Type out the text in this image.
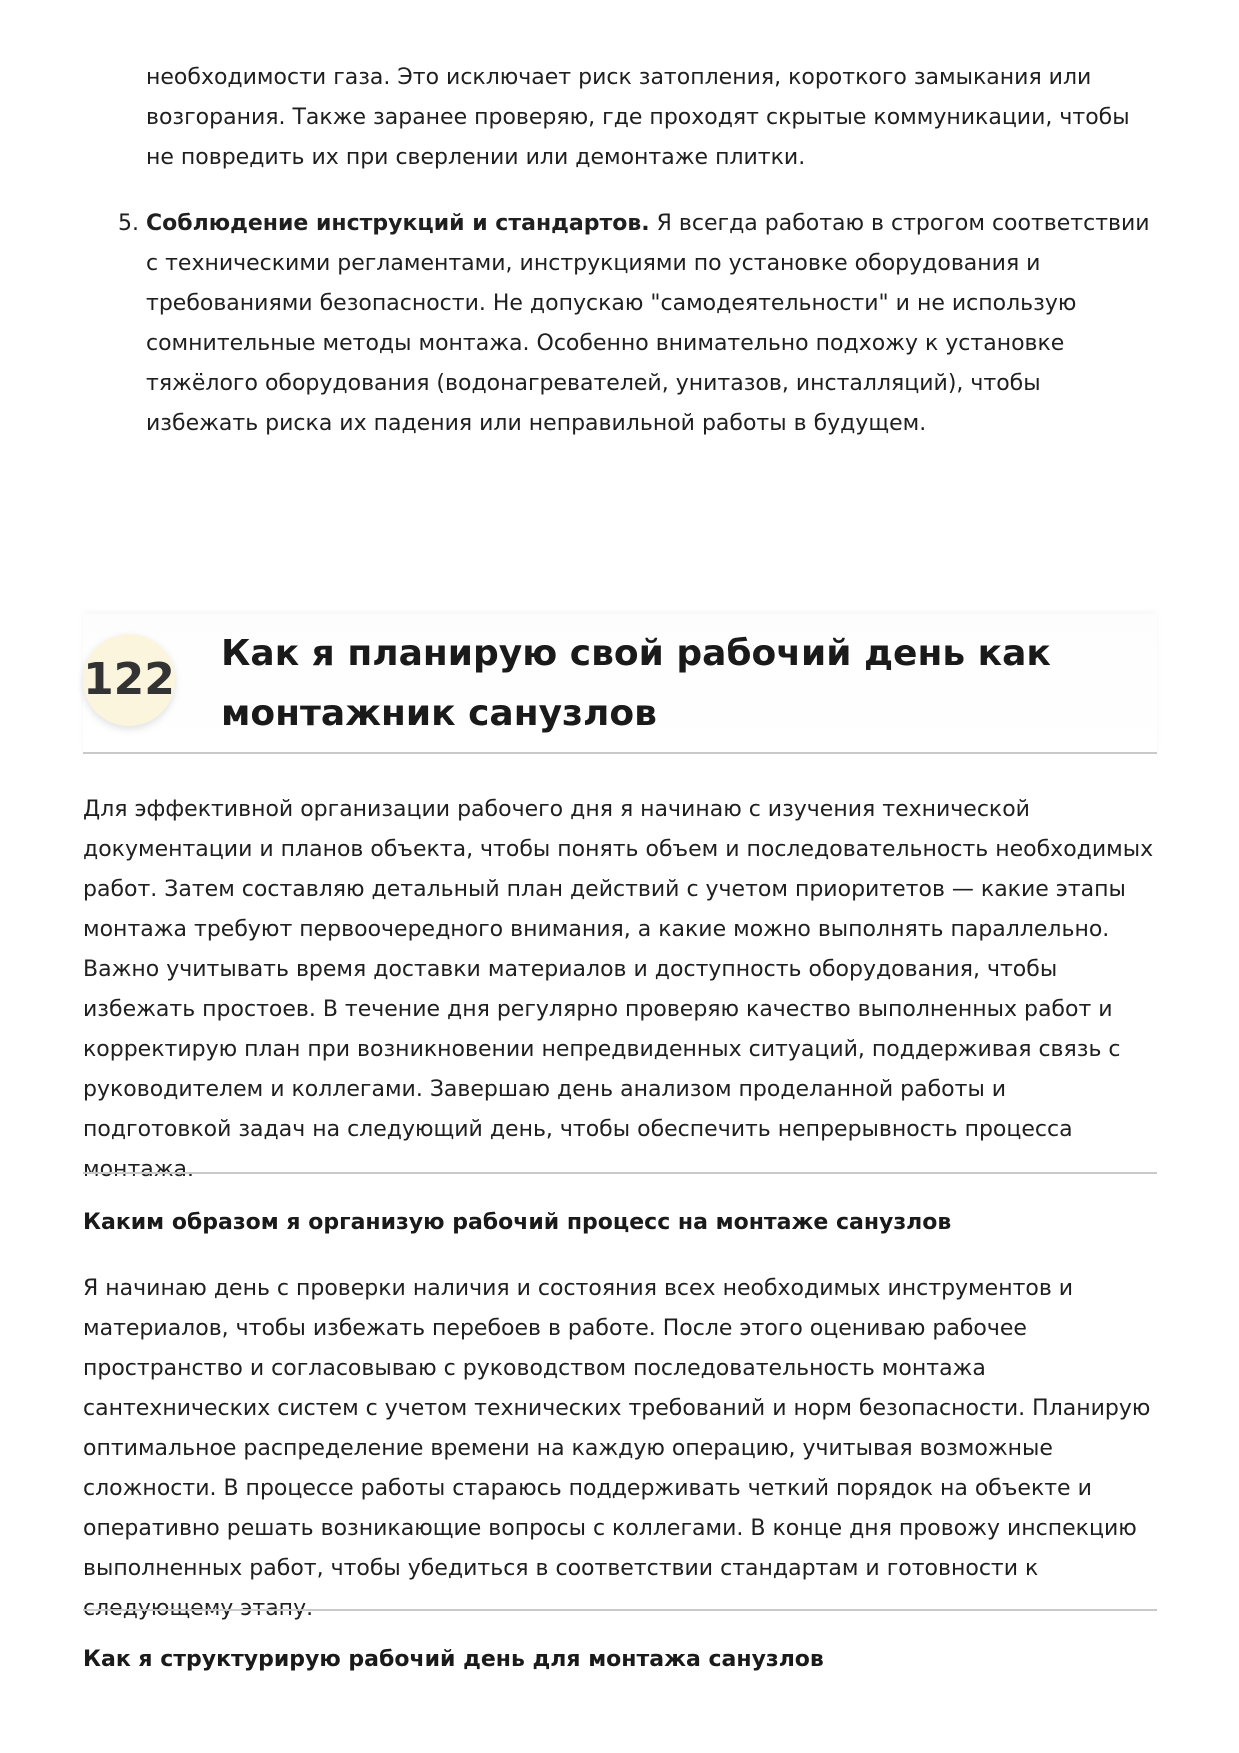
необходимости газа. Это исключает риск затопления, короткого замыкания или возгорания. Также заранее проверяю, где проходят скрытые коммуникации, чтобы не повредить их при сверлении или демонтаже плитки.

5. Соблюдение инструкций и стандартов. Я всегда работаю в строгом соответствии с техническими регламентами, инструкциями по установке оборудования и требованиями безопасности. Не допускаю "самодеятельности" и не использую сомнительные методы монтажа. Особенно внимательно подхожу к установке тяжёлого оборудования (водонагревателей, унитазов, инсталляций), чтобы избежать риска их падения или неправильной работы в будущем.

122
Как я планирую свой рабочий день как монтажник санузлов

Для эффективной организации рабочего дня я начинаю с изучения технической документации и планов объекта, чтобы понять объем и последовательность необходимых работ. Затем составляю детальный план действий с учетом приоритетов — какие этапы монтажа требуют первоочередного внимания, а какие можно выполнять параллельно. Важно учитывать время доставки материалов и доступность оборудования, чтобы избежать простоев. В течение дня регулярно проверяю качество выполненных работ и корректирую план при возникновении непредвиденных ситуаций, поддерживая связь с руководителем и коллегами. Завершаю день анализом проделанной работы и подготовкой задач на следующий день, чтобы обеспечить непрерывность процесса монтажа.

Каким образом я организую рабочий процесс на монтаже санузлов

Я начинаю день с проверки наличия и состояния всех необходимых инструментов и материалов, чтобы избежать перебоев в работе. После этого оцениваю рабочее пространство и согласовываю с руководством последовательность монтажа сантехнических систем с учетом технических требований и норм безопасности. Планирую оптимальное распределение времени на каждую операцию, учитывая возможные сложности. В процессе работы стараюсь поддерживать четкий порядок на объекте и оперативно решать возникающие вопросы с коллегами. В конце дня провожу инспекцию выполненных работ, чтобы убедиться в соответствии стандартам и готовности к следующему этапу.

Как я структурирую рабочий день для монтажа санузлов
